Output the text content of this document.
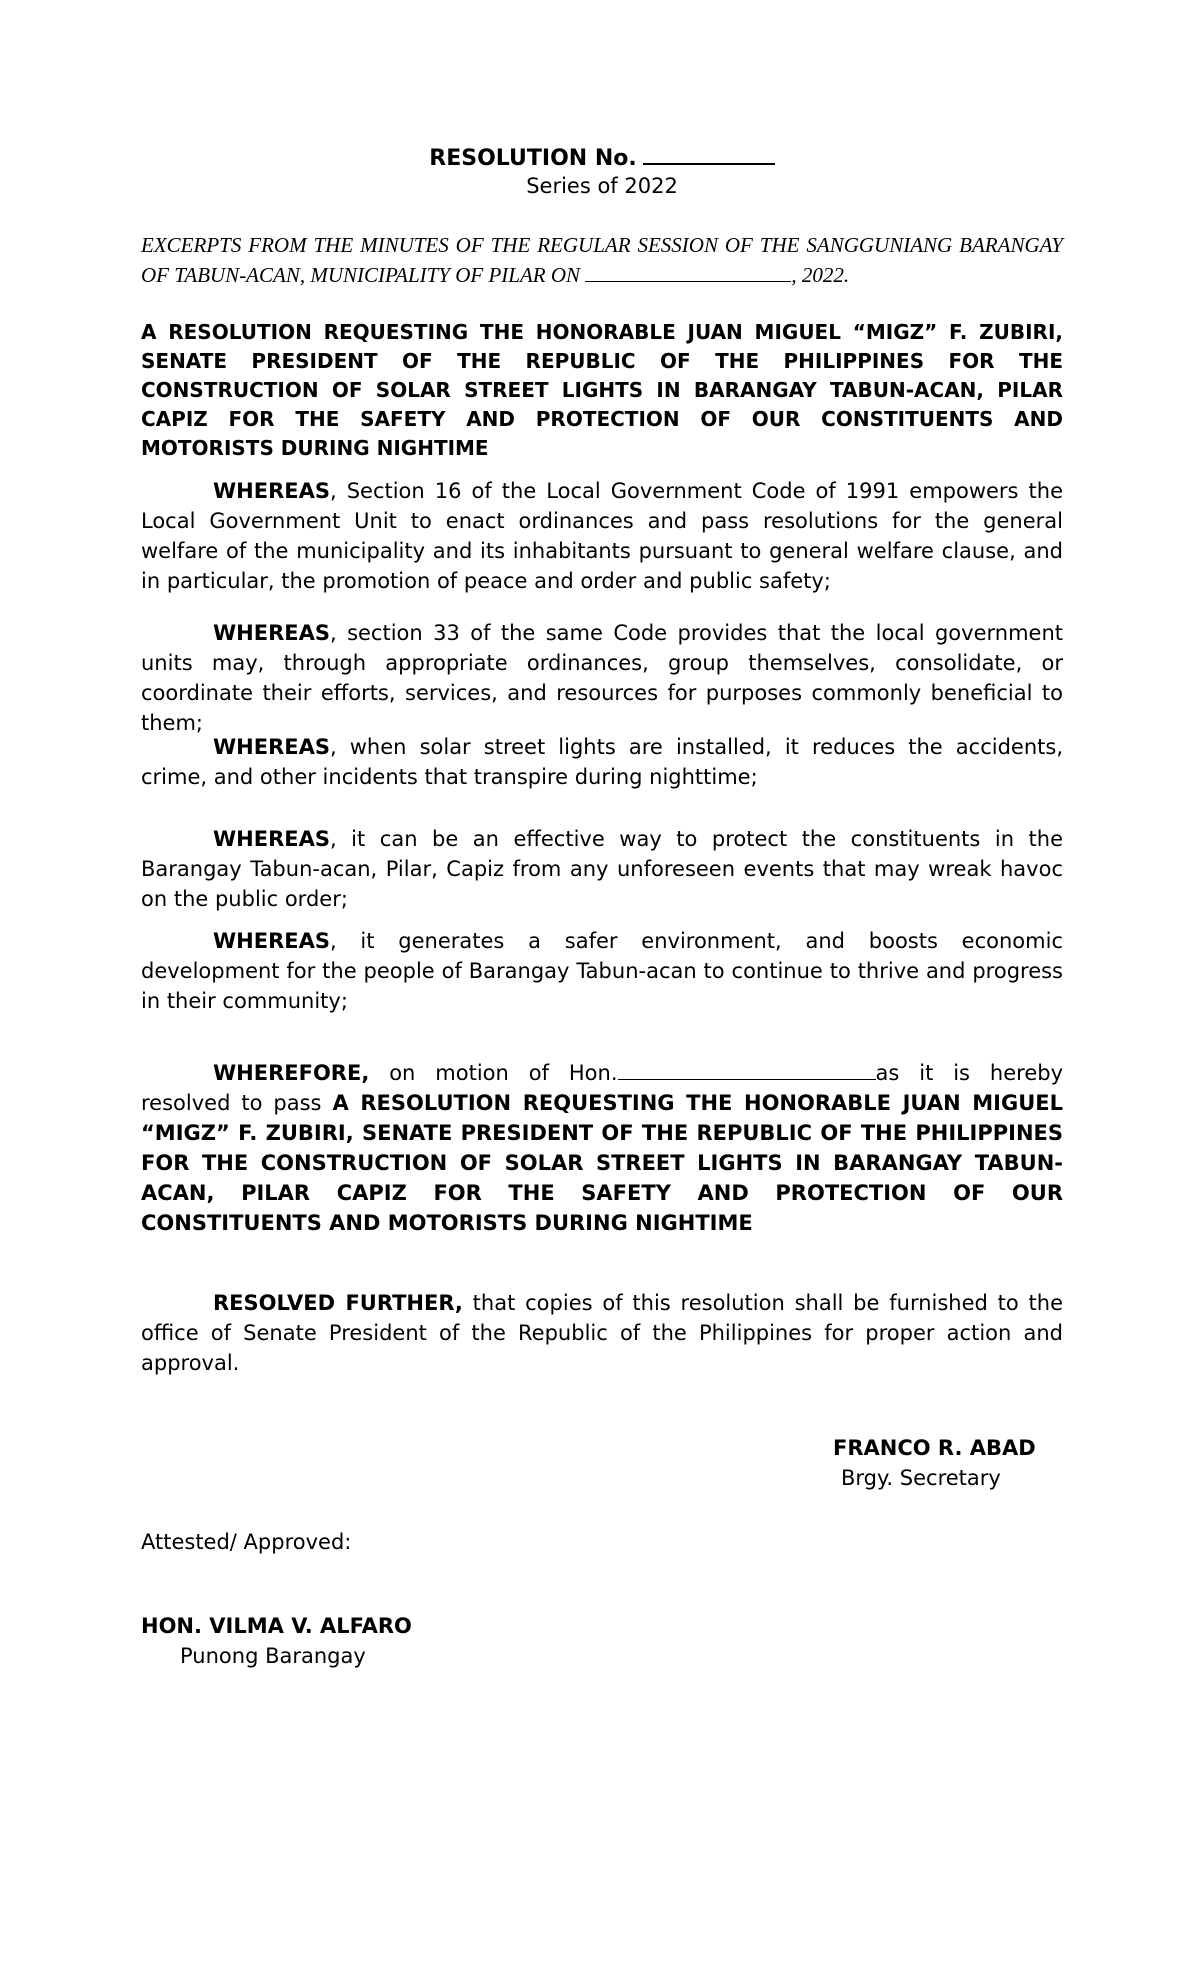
RESOLUTION No.
Series of 2022
EXCERPTS FROM THE MINUTES OF THE REGULAR SESSION OF THE SANGGUNIANG BARANGAY OF TABUN-ACAN, MUNICIPALITY OF PILAR ON	, 2022.
A RESOLUTION REQUESTING THE HONORABLE JUAN MIGUEL “MIGZ” F. ZUBIRI, SENATE PRESIDENT OF THE REPUBLIC OF THE PHILIPPINES FOR THE CONSTRUCTION OF SOLAR STREET LIGHTS IN BARANGAY TABUN-ACAN, PILAR CAPIZ FOR THE SAFETY AND PROTECTION OF OUR CONSTITUENTS AND MOTORISTS DURING NIGHTIME
WHEREAS, Section 16 of the Local Government Code of 1991 empowers the Local Government Unit to enact ordinances and pass resolutions for the general welfare of the municipality and its inhabitants pursuant to general welfare clause, and in particular, the promotion of peace and order and public safety;
WHEREAS, section 33 of the same Code provides that the local government units may, through appropriate ordinances, group themselves, consolidate, or coordinate their efforts, services, and resources for purposes commonly beneficial to them;
WHEREAS, when solar street lights are installed, it reduces the accidents, crime, and other incidents that transpire during nighttime;
WHEREAS, it can be an effective way to protect the constituents in the Barangay Tabun-acan, Pilar, Capiz from any unforeseen events that may wreak havoc on the public order;
WHEREAS, it generates a safer environment, and boosts economic development for the people of Barangay Tabun-acan to continue to thrive and progress in their community;
WHEREFORE, on motion of Hon.	as it is hereby resolved to pass A RESOLUTION REQUESTING THE HONORABLE JUAN MIGUEL “MIGZ” F. ZUBIRI, SENATE PRESIDENT OF THE REPUBLIC OF THE PHILIPPINES FOR THE CONSTRUCTION OF SOLAR STREET LIGHTS IN BARANGAY TABUN-ACAN, PILAR CAPIZ FOR THE SAFETY AND PROTECTION OF OUR CONSTITUENTS AND MOTORISTS DURING NIGHTIME
RESOLVED FURTHER, that copies of this resolution shall be furnished to the office of Senate President of the Republic of the Philippines for proper action and approval.
FRANCO R. ABAD
Brgy. Secretary
Attested/ Approved:
HON. VILMA V. ALFARO
Punong Barangay
